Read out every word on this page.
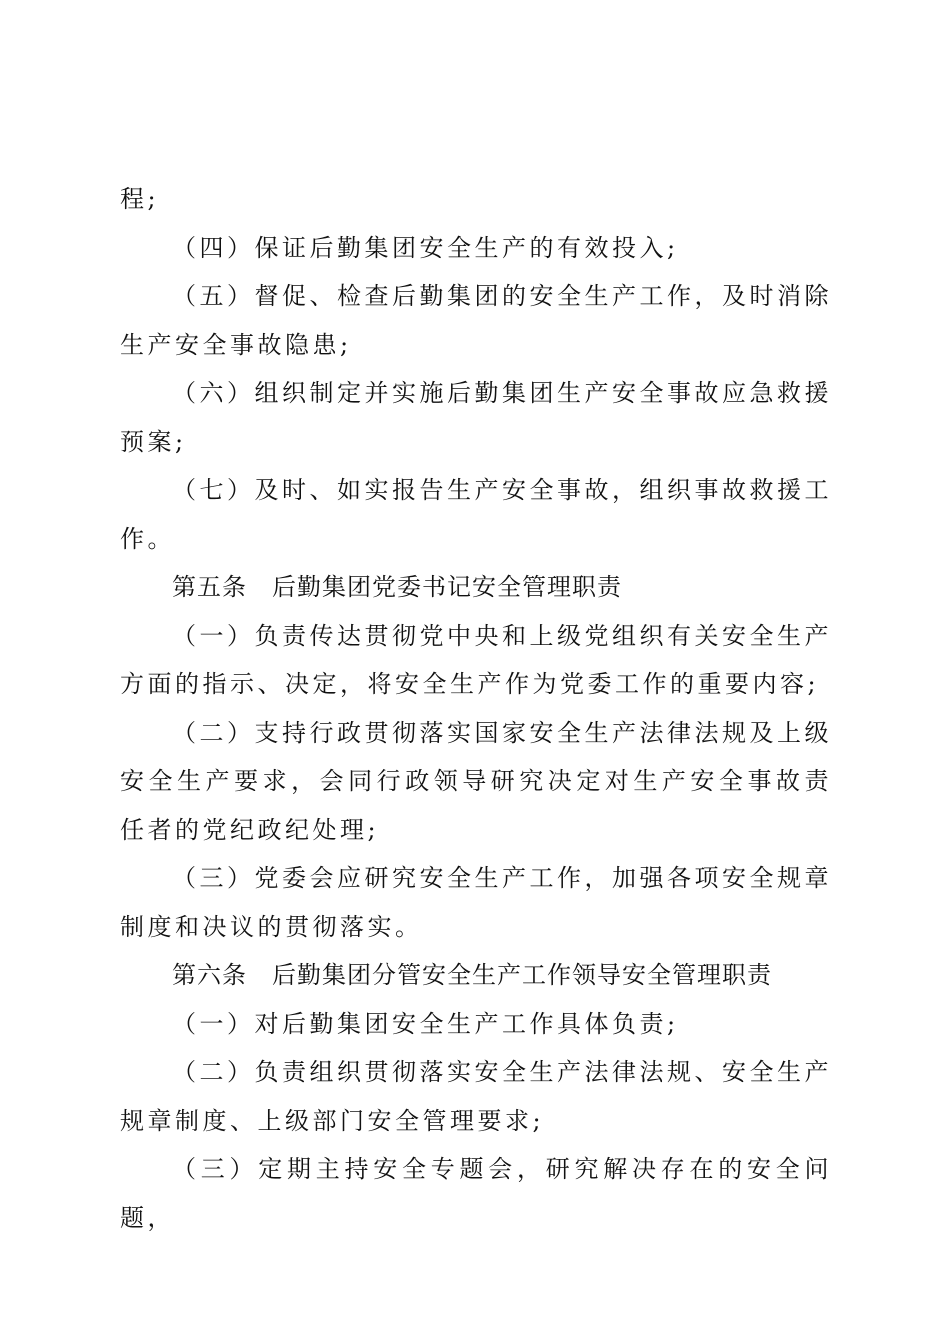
程;

（四）保证后勤集团安全生产的有效投入;

（五）督促、检查后勤集团的安全生产工作，及时消除生产安全事故隐患;

（六）组织制定并实施后勤集团生产安全事故应急救援预案;

（七）及时、如实报告生产安全事故，组织事故救援工作。

第五条　后勤集团党委书记安全管理职责

（一）负责传达贯彻党中央和上级党组织有关安全生产方面的指示、决定，将安全生产作为党委工作的重要内容;

（二）支持行政贯彻落实国家安全生产法律法规及上级安全生产要求，会同行政领导研究决定对生产安全事故责任者的党纪政纪处理;

（三）党委会应研究安全生产工作，加强各项安全规章制度和决议的贯彻落实。

第六条　后勤集团分管安全生产工作领导安全管理职责

（一）对后勤集团安全生产工作具体负责;

（二）负责组织贯彻落实安全生产法律法规、安全生产规章制度、上级部门安全管理要求;

（三）定期主持安全专题会，研究解决存在的安全问题，
